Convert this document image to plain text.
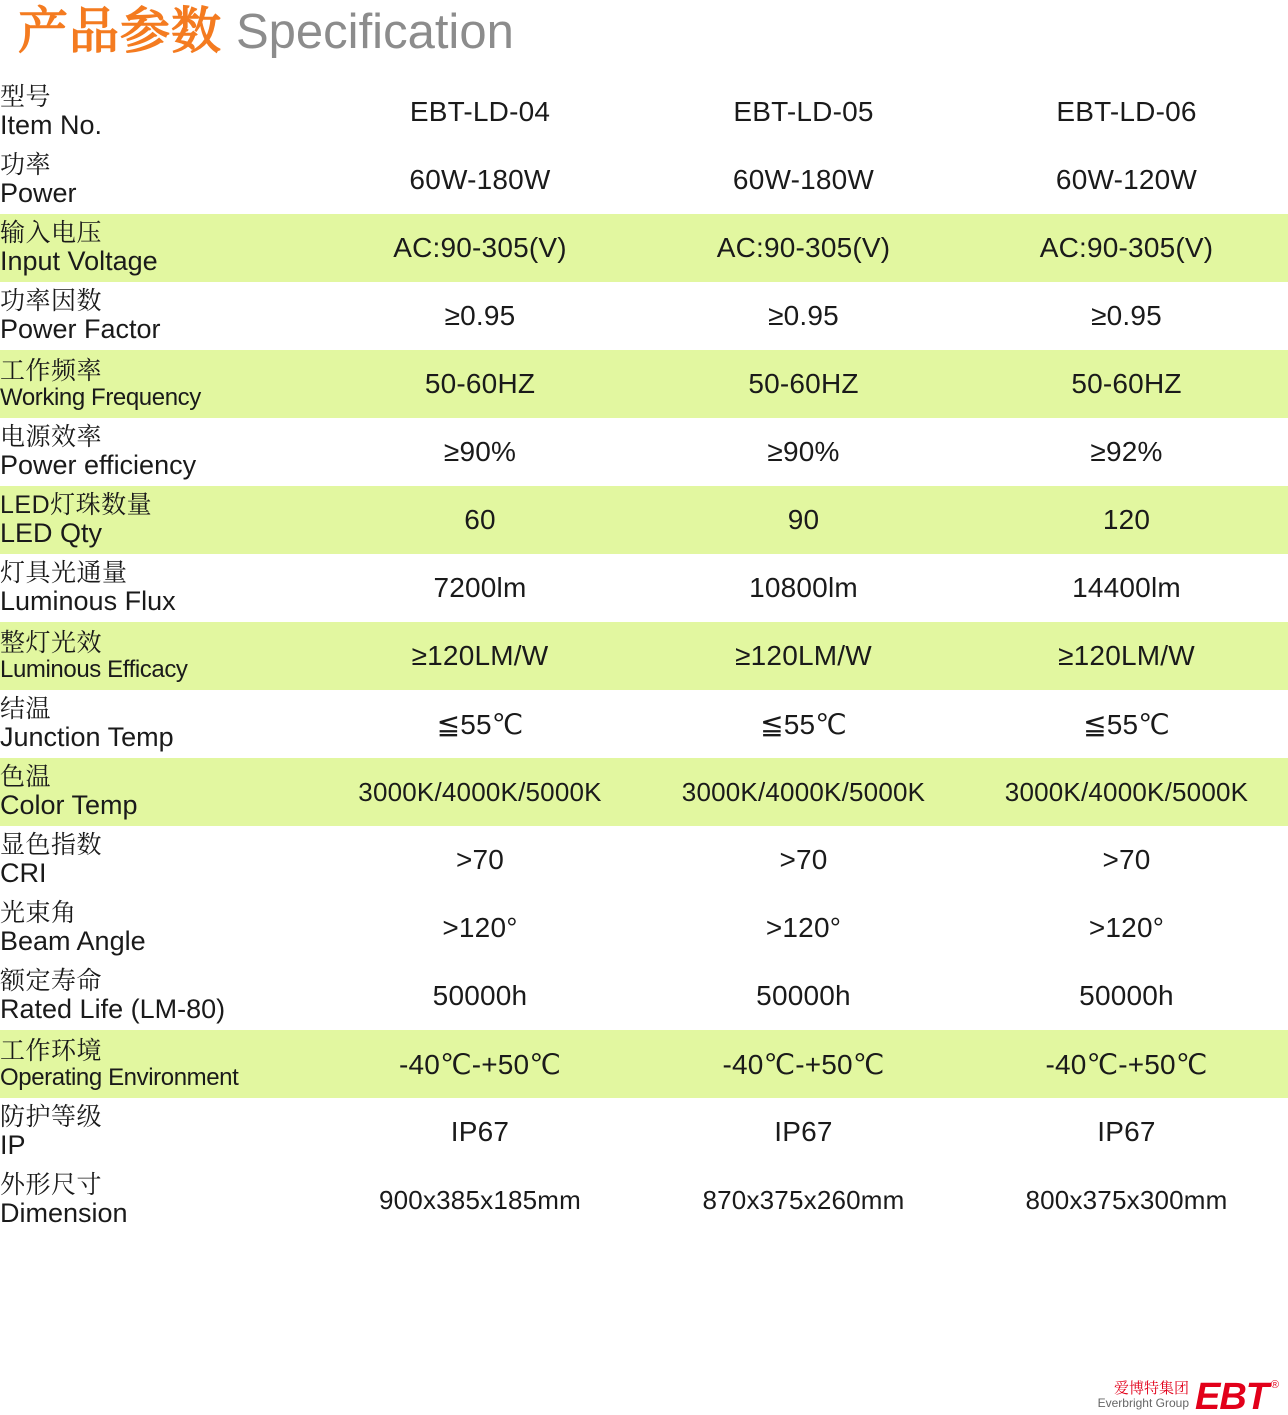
产品参数 Specification
型号
Item No.	EBT-LD-04	EBT-LD-05	EBT-LD-06

功率
Power	60W-180W	60W-180W	60W-120W

输入电压
Input Voltage	AC:90-305(V)	AC:90-305(V)	AC:90-305(V)

功率因数
Power Factor	≥0.95	≥0.95	≥0.95

工作频率
Working Frequency	50-60HZ	50-60HZ	50-60HZ

电源效率
Power efficiency	≥90%	≥90%	≥92%

LED灯珠数量
LED Qty	60	90	120

灯具光通量
Luminous Flux	7200lm	10800lm	14400lm

整灯光效
Luminous Efficacy	≥120LM/W	≥120LM/W	≥120LM/W

结温
Junction Temp	≦55℃	≦55℃	≦55℃

色温
Color Temp	3000K/4000K/5000K	3000K/4000K/5000K	3000K/4000K/5000K

显色指数
CRI	>70	>70	>70

光束角
Beam Angle	>120°	>120°	>120°

额定寿命
Rated Life (LM-80)	50000h	50000h	50000h

工作环境
Operating Environment	-40℃-+50℃	-40℃-+50℃	-40℃-+50℃

防护等级
IP	IP67	IP67	IP67

外形尺寸
Dimension	900x385x185mm	870x375x260mm	800x375x300mm
爱博特集团
Everbright Group EBT ®
